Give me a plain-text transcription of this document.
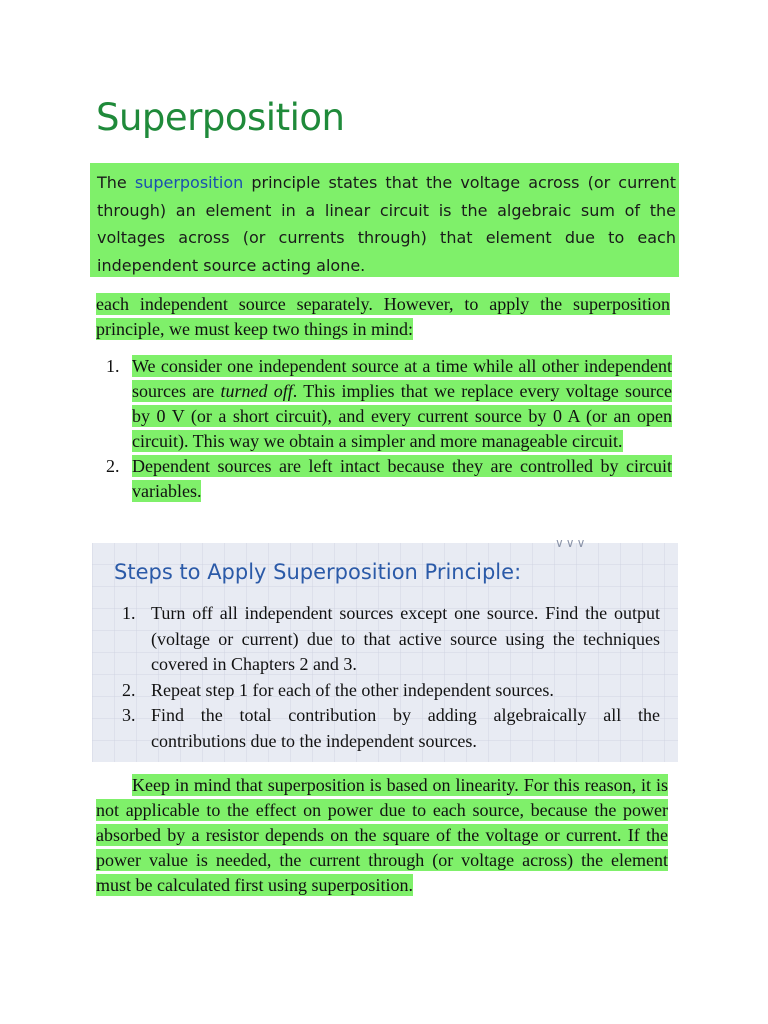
Superposition

The superposition principle states that the voltage across (or current through) an element in a linear circuit is the algebraic sum of the voltages across (or currents through) that element due to each independent source acting alone.

each independent source separately. However, to apply the superposition principle, we must keep two things in mind:

1. We consider one independent source at a time while all other independent sources are turned off. This implies that we replace every voltage source by 0 V (or a short circuit), and every current source by 0 A (or an open circuit). This way we obtain a simpler and more manageable circuit.
2. Dependent sources are left intact because they are controlled by circuit variables.
∨∨∨
Steps to Apply Superposition Principle:
1. Turn off all independent sources except one source. Find the output (voltage or current) due to that active source using the techniques covered in Chapters 2 and 3.
2. Repeat step 1 for each of the other independent sources.
3. Find the total contribution by adding algebraically all the contributions due to the independent sources.

Keep in mind that superposition is based on linearity. For this reason, it is not applicable to the effect on power due to each source, because the power absorbed by a resistor depends on the square of the voltage or current. If the power value is needed, the current through (or voltage across) the element must be calculated first using superposition.
